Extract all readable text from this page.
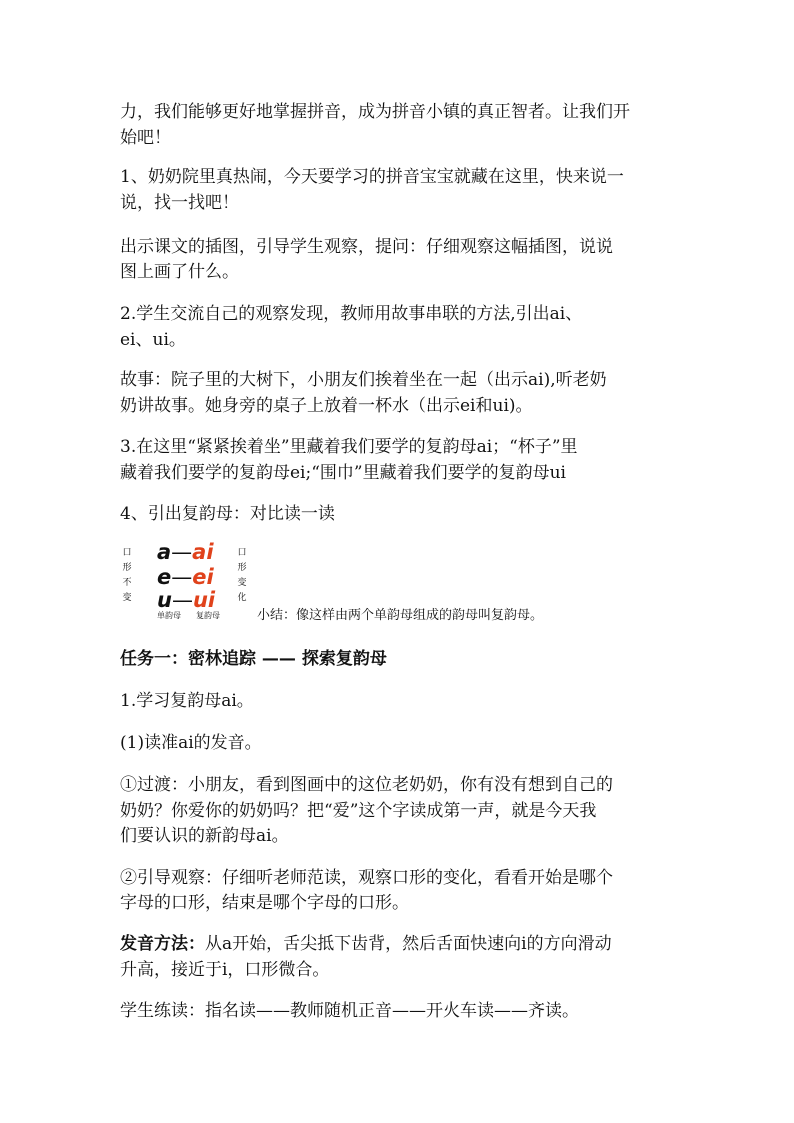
力，我们能够更好地掌握拼音，成为拼音小镇的真正智者。让我们开

始吧！

1、奶奶院里真热闹，今天要学习的拼音宝宝就藏在这里，快来说一

说，找一找吧！

出示课文的插图，引导学生观察，提问：仔细观察这幅插图，说说

图上画了什么。

2.学生交流自己的观察发现，教师用故事串联的方法,引出ai、

ei、ui。

故事：院子里的大树下，小朋友们挨着坐在一起（出示ai),听老奶

奶讲故事。她身旁的桌子上放着一杯水（出示ei和ui)。

3.在这里“紧紧挨着坐”里藏着我们要学的复韵母ai；“杯子”里

藏着我们要学的复韵母ei;“围巾”里藏着我们要学的复韵母ui

4、引出复韵母：对比读一读

口
形
不
变
a—ai
e—ei
u—ui
口
形
变
化
单韵母 复韵母	小结：像这样由两个单韵母组成的韵母叫复韵母。

任务一：密林追踪 —— 探索复韵母

1.学习复韵母ai。

(1)读准ai的发音。

①过渡：小朋友，看到图画中的这位老奶奶，你有没有想到自己的

奶奶？你爱你的奶奶吗？把“爱”这个字读成第一声，就是今天我

们要认识的新韵母ai。

②引导观察：仔细听老师范读，观察口形的变化，看看开始是哪个

字母的口形，结束是哪个字母的口形。

发音方法：从a开始，舌尖抵下齿背，然后舌面快速向i的方向滑动

升高，接近于i，口形微合。

学生练读：指名读——教师随机正音——开火车读——齐读。
